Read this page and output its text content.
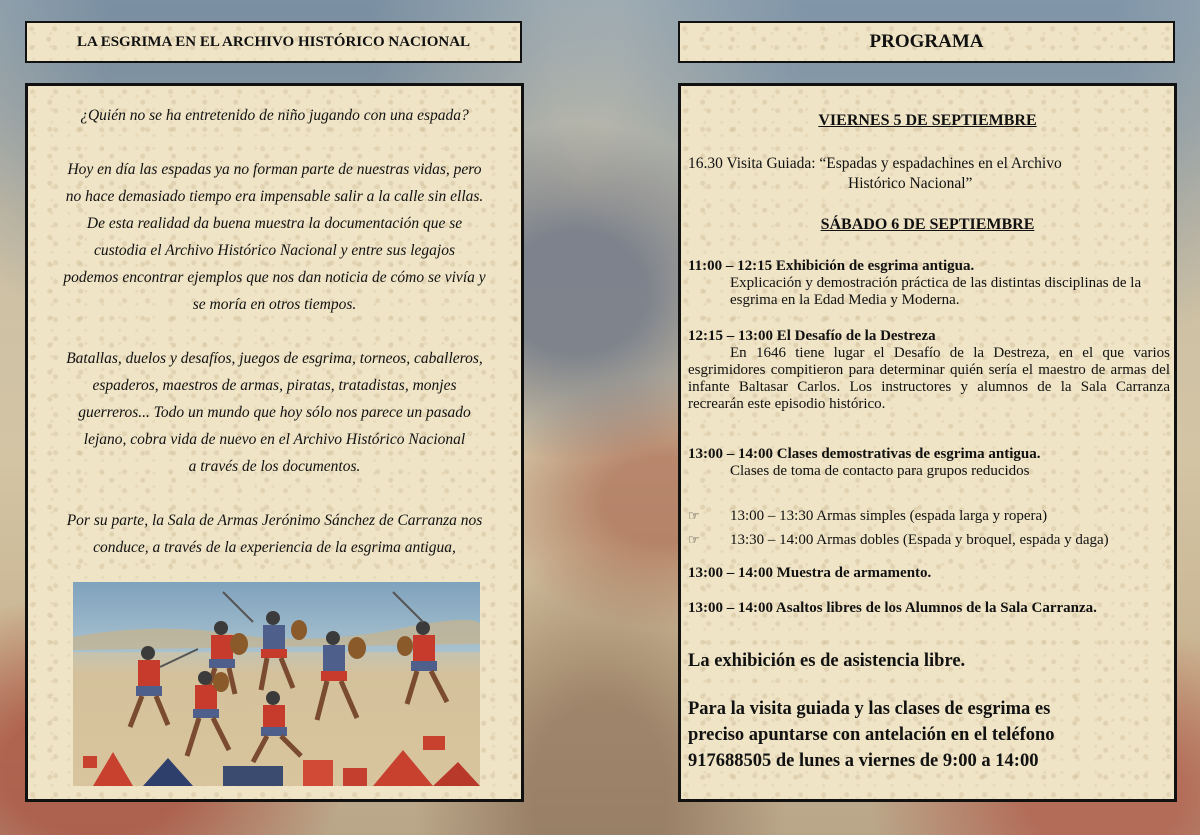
LA ESGRIMA EN EL ARCHIVO HISTÓRICO NACIONAL	PROGRAMA

¿Quién no se ha entretenido de niño jugando con una espada?

Hoy en día las espadas ya no forman parte de nuestras vidas, pero
no hace demasiado tiempo era impensable salir a la calle sin ellas.
De esta realidad da buena muestra la documentación que se
custodia el Archivo Histórico Nacional y entre sus legajos
podemos encontrar ejemplos que nos dan noticia de cómo se vivía y
se moría en otros tiempos.

Batallas, duelos y desafíos, juegos de esgrima, torneos, caballeros,
espaderos, maestros de armas, piratas, tratadistas, monjes
guerreros... Todo un mundo que hoy sólo nos parece un pasado
lejano, cobra vida de nuevo en el Archivo Histórico Nacional
a través de los documentos.

Por su parte, la Sala de Armas Jerónimo Sánchez de Carranza nos
conduce, a través de la experiencia de la esgrima antigua,

VIERNES 5 DE SEPTIEMBRE
16.30 Visita Guiada: “Espadas y espadachines en el Archivo
Histórico Nacional”
SÁBADO 6 DE SEPTIEMBRE
11:00 – 12:15 Exhibición de esgrima antigua.
Explicación y demostración práctica de las distintas disciplinas de la esgrima en la Edad Media y Moderna.
12:15 – 13:00 El Desafío de la Destreza
En 1646 tiene lugar el Desafío de la Destreza, en el que varios esgrimidores compitieron para determinar quién sería el maestro de armas del infante Baltasar Carlos. Los instructores y alumnos de la Sala Carranza recrearán este episodio histórico.
13:00 – 14:00 Clases demostrativas de esgrima antigua.
Clases de toma de contacto para grupos reducidos
☞	13:00 – 13:30 Armas simples (espada larga y ropera)
☞	13:30 – 14:00 Armas dobles (Espada y broquel, espada y daga)
13:00 – 14:00 Muestra de armamento.
13:00 – 14:00 Asaltos libres de los Alumnos de la Sala Carranza.
La exhibición es de asistencia libre.
Para la visita guiada y las clases de esgrima es
preciso apuntarse con antelación en el teléfono
917688505 de lunes a viernes de 9:00 a 14:00
